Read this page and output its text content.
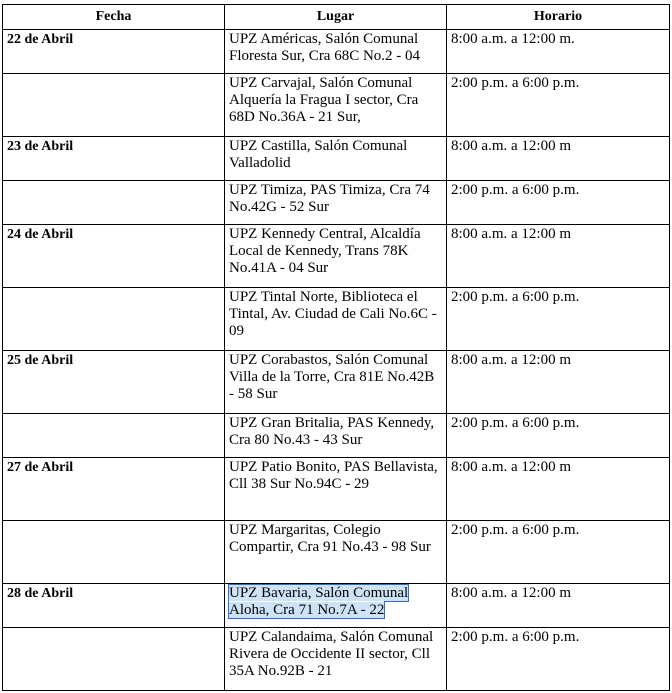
Fecha	Lugar	Horario
22 de Abril	UPZ Américas, Salón Comunal Floresta Sur, Cra 68C No.2 - 04	8:00 a.m. a 12:00 m.
	UPZ Carvajal, Salón Comunal Alquería la Fragua I sector, Cra 68D No.36A - 21 Sur,	2:00 p.m. a 6:00 p.m.
23 de Abril	UPZ Castilla, Salón Comunal Valladolid	8:00 a.m. a 12:00 m
	UPZ Timiza, PAS Timiza, Cra 74 No.42G - 52 Sur	2:00 p.m. a 6:00 p.m.
24 de Abril	UPZ Kennedy Central, Alcaldía Local de Kennedy, Trans 78K No.41A - 04 Sur	8:00 a.m. a 12:00 m
	UPZ Tintal Norte, Biblioteca el Tintal, Av. Ciudad de Cali No.6C - 09	2:00 p.m. a 6:00 p.m.
25 de Abril	UPZ Corabastos, Salón Comunal Villa de la Torre, Cra 81E No.42B - 58 Sur	8:00 a.m. a 12:00 m
	UPZ Gran Britalia, PAS Kennedy, Cra 80 No.43 - 43 Sur	2:00 p.m. a 6:00 p.m.
27 de Abril	UPZ Patio Bonito, PAS Bellavista, Cll 38 Sur No.94C - 29	8:00 a.m. a 12:00 m
	UPZ Margaritas, Colegio Compartir, Cra 91 No.43 - 98 Sur	2:00 p.m. a 6:00 p.m.
28 de Abril	UPZ Bavaria, Salón Comunal Aloha, Cra 71 No.7A - 22	8:00 a.m. a 12:00 m
	UPZ Calandaima, Salón Comunal Rivera de Occidente II sector, Cll 35A No.92B - 21	2:00 p.m. a 6:00 p.m.
